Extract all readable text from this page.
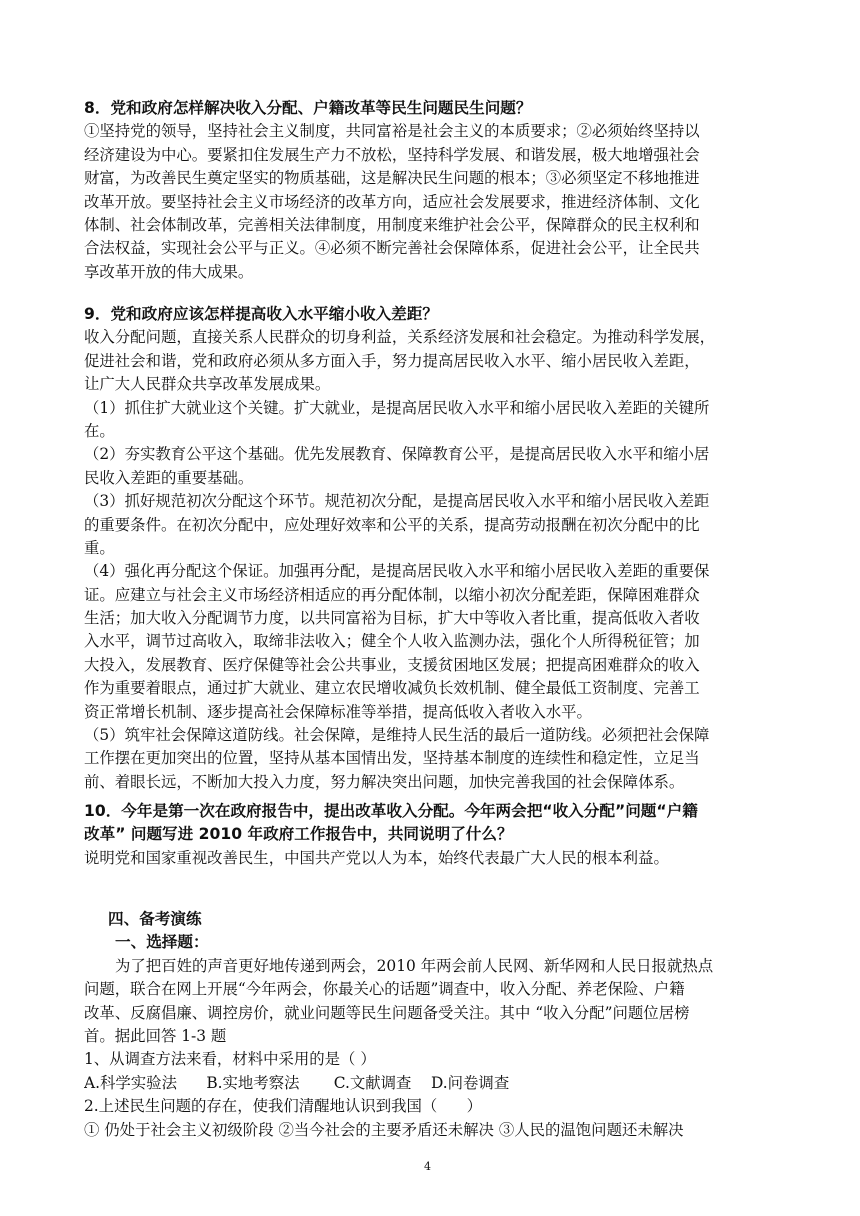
8．党和政府怎样解决收入分配、户籍改革等民生问题民生问题？
①坚持党的领导，坚持社会主义制度，共同富裕是社会主义的本质要求；②必须始终坚持以
经济建设为中心。要紧扣住发展生产力不放松，坚持科学发展、和谐发展，极大地增强社会
财富，为改善民生奠定坚实的物质基础，这是解决民生问题的根本；③必须坚定不移地推进
改革开放。要坚持社会主义市场经济的改革方向，适应社会发展要求，推进经济体制、文化
体制、社会体制改革，完善相关法律制度，用制度来维护社会公平，保障群众的民主权利和
合法权益，实现社会公平与正义。④必须不断完善社会保障体系，促进社会公平，让全民共
享改革开放的伟大成果。
9．党和政府应该怎样提高收入水平缩小收入差距？
收入分配问题，直接关系人民群众的切身利益，关系经济发展和社会稳定。为推动科学发展，
促进社会和谐，党和政府必须从多方面入手，努力提高居民收入水平、缩小居民收入差距，
让广大人民群众共享改革发展成果。
（1）抓住扩大就业这个关键。扩大就业，是提高居民收入水平和缩小居民收入差距的关键所
在。
（2）夯实教育公平这个基础。优先发展教育、保障教育公平，是提高居民收入水平和缩小居
民收入差距的重要基础。
（3）抓好规范初次分配这个环节。规范初次分配，是提高居民收入水平和缩小居民收入差距
的重要条件。在初次分配中，应处理好效率和公平的关系，提高劳动报酬在初次分配中的比
重。
（4）强化再分配这个保证。加强再分配，是提高居民收入水平和缩小居民收入差距的重要保
证。应建立与社会主义市场经济相适应的再分配体制，以缩小初次分配差距，保障困难群众
生活；加大收入分配调节力度，以共同富裕为目标，扩大中等收入者比重，提高低收入者收
入水平，调节过高收入，取缔非法收入；健全个人收入监测办法，强化个人所得税征管；加
大投入，发展教育、医疗保健等社会公共事业，支援贫困地区发展；把提高困难群众的收入
作为重要着眼点，通过扩大就业、建立农民增收减负长效机制、健全最低工资制度、完善工
资正常增长机制、逐步提高社会保障标准等举措，提高低收入者收入水平。
（5）筑牢社会保障这道防线。社会保障，是维持人民生活的最后一道防线。必须把社会保障
工作摆在更加突出的位置，坚持从基本国情出发，坚持基本制度的连续性和稳定性，立足当
前、着眼长远，不断加大投入力度，努力解决突出问题，加快完善我国的社会保障体系。
10．今年是第一次在政府报告中，提出改革收入分配。今年两会把“收入分配”问题“户籍
改革” 问题写进 2010 年政府工作报告中，共同说明了什么？
说明党和国家重视改善民生，中国共产党以人为本，始终代表最广大人民的根本利益。
四、备考演练
一、选择题：
为了把百姓的声音更好地传递到两会，2010 年两会前人民网、新华网和人民日报就热点
问题，联合在网上开展“今年两会，你最关心的话题”调查中，收入分配、养老保险、户籍
改革、反腐倡廉、调控房价，就业问题等民生问题备受关注。其中 “收入分配”问题位居榜
首。据此回答 1-3 题
1、从调查方法来看，材料中采用的是（ ）
A.科学实验法      B.实地考察法       C.文献调查    D.问卷调查
2.上述民生问题的存在，使我们清醒地认识到我国（      ）
① 仍处于社会主义初级阶段 ②当今社会的主要矛盾还未解决 ③人民的温饱问题还未解决
4
